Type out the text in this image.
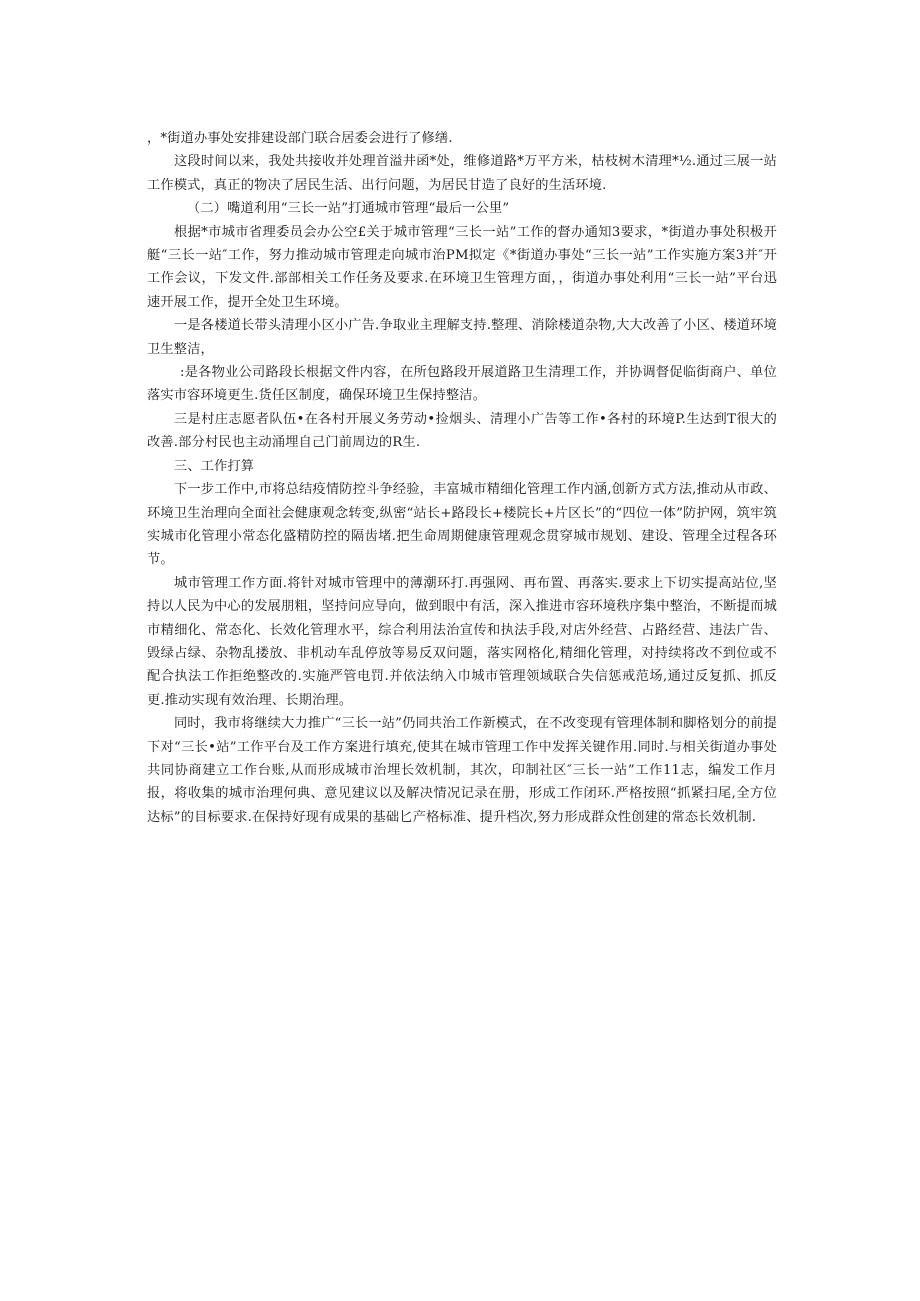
，*街道办事处安排建设部门联合居委会进行了修缮.

这段时间以来，我处共接收并处理首溢井函*处，维修道路*万平方米，枯枝树木清理*½.通过三展一站工作模式，真正的物决了居民生活、出行问题，为居民甘造了良好的生活环境.

（二）嘴道利用“三长一站”打通城市管理“最后一公里”

根据*市城市省理委员会办公空£关于城市管理“三长一站”工作的督办通知3要求，*街道办事处积极开艇“三长一站″工作，努力推动城市管理走向城市治PM拟定《*街道办事处“三长一站”工作实施方案3并″开工作会议，下发文件.部部相关工作任务及要求.在环境卫生管理方面，，街道办事处利用“三长一站”平台迅速开展工作，提开全处卫生环境。

一是各楼道长带头清理小区小广告.争取业主理解支持.整理、消除楼道杂物,大大改善了小区、楼道环境卫生整洁，

:是各物业公司路段长根据文件内容，在所包路段开展道路卫生清理工作，并协调督促临街商户、单位落实市容环境更生.货任区制度，确保环境卫生保持整洁。

三是村庄志愿者队伍•在各村开展义务劳动•捡烟头、清理小广告等工作•各村的环境P.生达到T很大的改善.部分村民也主动涌埋自己门前周边的R生.

三、工作打算

下一步工作中,市将总结疫情防控斗争经验，丰富城市精细化管理工作内涵,创新方式方法,推动从市政、环境卫生治理向全面社会健康观念转变,纵密“站长+路段长+楼院长+片区长”的“四位一体”防护网，筑牢筑实城市化管理小常态化盛精防控的隔齿堵.把生命周期健康管理观念贯穿城市规划、建设、管理全过程各环节。

城市管理工作方面.将针对城市管理中的薄潮环打.再强网、再布置、再落实.要求上下切实提高站位,坚持以人民为中心的发展朋粗，坚持问应导向，做到眼中有活，深入推进市容环境秩序集中整治，不断提而城市精细化、常态化、长效化管理水平，综合利用法治宣传和执法手段,对店外经营、占路经营、违法广告、毁绿占绿、杂物乱搂放、非机动车乱停放等易反双问题，落实网格化,精细化管理，对持续将改不到位或不配合执法工作拒绝整改的.实施严管电罚.并依法纳入巾城市管理领域联合失信惩戒范场,通过反复抓、抓反更.推动实现有效治理、长期治理。

同时，我市将继续大力推广“三长一站”仍同共治工作新模式，在不改变现有管理体制和脚格划分的前提下对“三长•站”工作平台及工作方案进行填充,使其在城市管理工作中发挥关键作用.同时.与相关街道办事处共同协商建立工作台账,从而形成城市治埋长效机制，其次，印制社区″三长一站”工作11志，编发工作月报，将收集的城市治理何典、意见建议以及解决情况记录在册，形成工作闭环.严格按照“抓紧扫尾,全方位达标”的目标要求.在保持好现有成果的基础匕产格标准、提升档次,努力形成群众性创建的常态长效机制.
